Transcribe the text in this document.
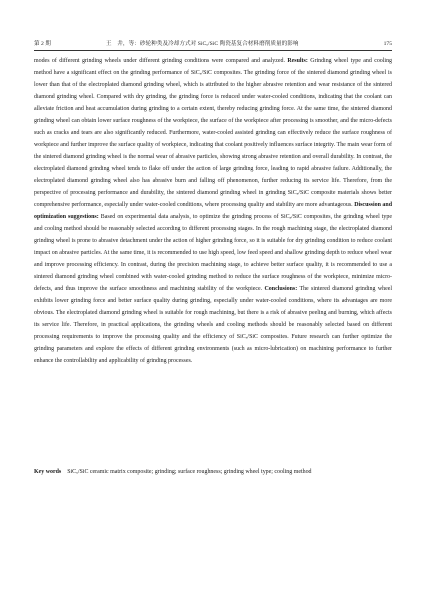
第 2 期	王　井，等：砂轮种类及冷却方式对 SiCₓ/SiC 陶瓷基复合材料磨削质量的影响	175

modes of different grinding wheels under different grinding conditions were compared and analyzed. Results: Grinding wheel type and cooling method have a significant effect on the grinding performance of SiCₓ/SiC composites. The grinding force of the sintered diamond grinding wheel is lower than that of the electroplated diamond grinding wheel, which is attributed to the higher abrasive retention and wear resistance of the sintered diamond grinding wheel. Compared with dry grinding, the grinding force is reduced under water-cooled conditions, indicating that the coolant can alleviate friction and heat accumulation during grinding to a certain extent, thereby reducing grinding force. At the same time, the sintered diamond grinding wheel can obtain lower surface roughness of the workpiece, the surface of the workpiece after processing is smoother, and the micro-defects such as cracks and tears are also significantly reduced. Furthermore, water-cooled assisted grinding can effectively reduce the surface roughness of workpiece and further improve the surface quality of workpiece, indicating that coolant positively influences surface integrity. The main wear form of the sintered diamond grinding wheel is the normal wear of abrasive particles, showing strong abrasive retention and overall durability. In contrast, the electroplated diamond grinding wheel tends to flake off under the action of large grinding force, leading to rapid abrasive failure. Additionally, the electroplated diamond grinding wheel also has abrasive burn and falling off phenomenon, further reducing its service life. Therefore, from the perspective of processing performance and durability, the sintered diamond grinding wheel in grinding SiCₓ/SiC composite materials shows better comprehensive performance, especially under water-cooled conditions, where processing quality and stability are more advantageous. Discussion and optimization suggestions: Based on experimental data analysis, to optimize the grinding process of SiCₓ/SiC composites, the grinding wheel type and cooling method should be reasonably selected according to different processing stages. In the rough machining stage, the electroplated diamond grinding wheel is prone to abrasive detachment under the action of higher grinding force, so it is suitable for dry grinding condition to reduce coolant impact on abrasive particles. At the same time, it is recommended to use high speed, low feed speed and shallow grinding depth to reduce wheel wear and improve processing efficiency. In contrast, during the precision machining stage, to achieve better surface quality, it is recommended to use a sintered diamond grinding wheel combined with water-cooled grinding method to reduce the surface roughness of the workpiece, minimize micro-defects, and thus improve the surface smoothness and machining stability of the workpiece. Conclusions: The sintered diamond grinding wheel exhibits lower grinding force and better surface quality during grinding, especially under water-cooled conditions, where its advantages are more obvious. The electroplated diamond grinding wheel is suitable for rough machining, but there is a risk of abrasive peeling and burning, which affects its service life. Therefore, in practical applications, the grinding wheels and cooling methods should be reasonably selected based on different processing requirements to improve the processing quality and the efficiency of SiCₓ/SiC composites. Future research can further optimize the grinding parameters and explore the effects of different grinding environments (such as micro-lubrication) on machining performance to further enhance the controllability and applicability of grinding processes.

Key words SiCₓ/SiC ceramic matrix composite; grinding; surface roughness; grinding wheel type; cooling method
